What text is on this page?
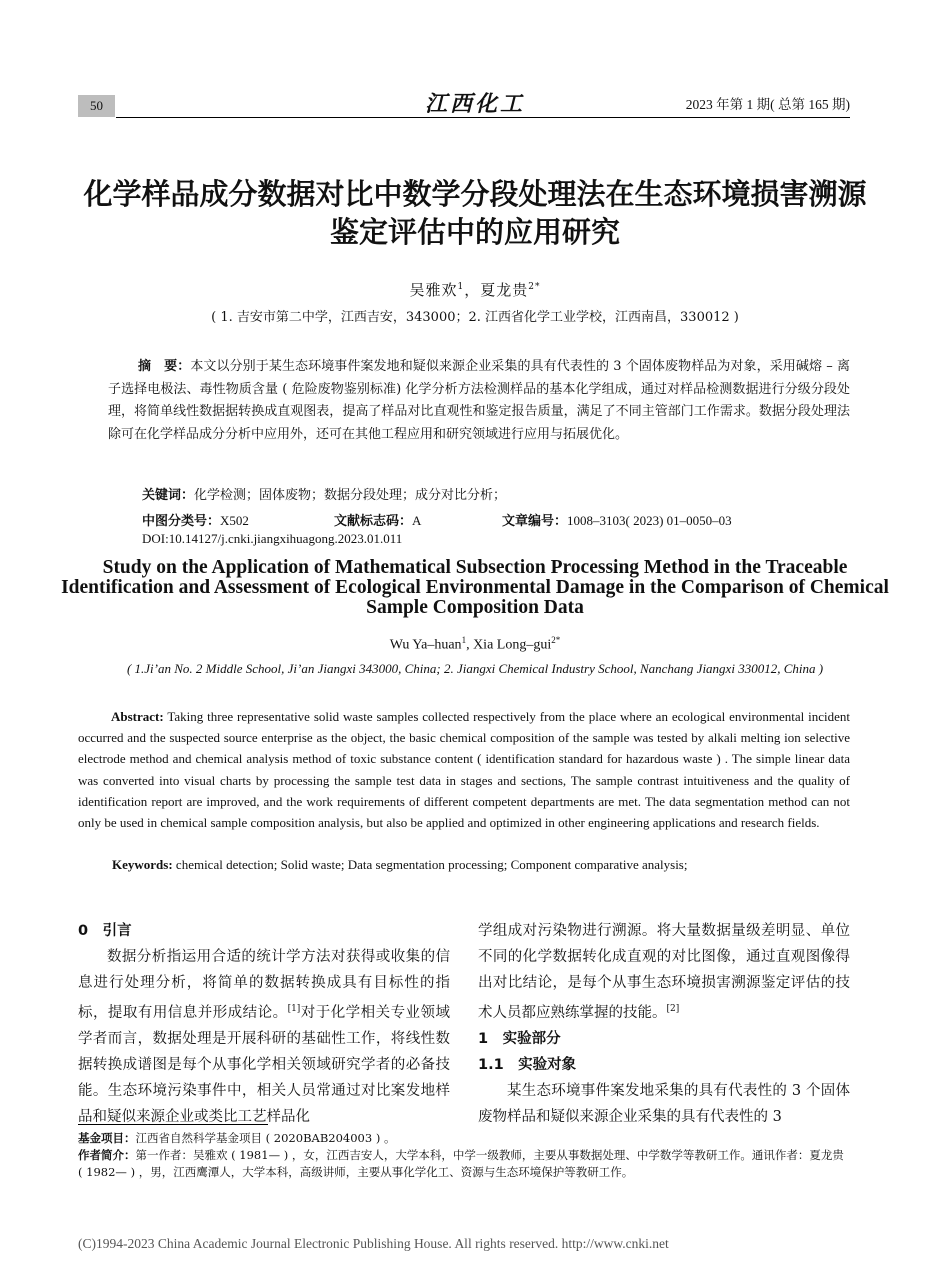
50	江西化工	2023 年第 1 期( 总第 165 期)
化学样品成分数据对比中数学分段处理法在生态环境损害溯源鉴定评估中的应用研究
吴雅欢$^1$，夏龙贵$^{2*}$
( 1. 吉安市第二中学，江西吉安，343000；2. 江西省化学工业学校，江西南昌，330012 )
摘　要：本文以分别于某生态环境事件案发地和疑似来源企业采集的具有代表性的 3 个固体废物样品为对象，采用碱熔 – 离子选择电极法、毒性物质含量 ( 危险废物鉴别标准) 化学分析方法检测样品的基本化学组成，通过对样品检测数据进行分级分段处理，将简单线性数据据转换成直观图表，提高了样品对比直观性和鉴定报告质量，满足了不同主管部门工作需求。数据分段处理法除可在化学样品成分分析中应用外，还可在其他工程应用和研究领域进行应用与拓展优化。
关键词：化学检测；固体废物；数据分段处理；成分对比分析；
中图分类号：X502	文献标志码：A	文章编号：1008–3103( 2023) 01–0050–03
DOI:10.14127/j.cnki.jiangxihuagong.2023.01.011
Study on the Application of Mathematical Subsection Processing Method in the Traceable Identification and Assessment of Ecological Environmental Damage in the Comparison of Chemical Sample Composition Data
Wu Ya–huan$^1$, Xia Long–gui$^{2*}$
( 1.Ji’an No. 2 Middle School, Ji’an Jiangxi 343000, China; 2. Jiangxi Chemical Industry School, Nanchang Jiangxi 330012, China )
Abstract: Taking three representative solid waste samples collected respectively from the place where an ecological environmental incident occurred and the suspected source enterprise as the object, the basic chemical composition of the sample was tested by alkali melting ion selective electrode method and chemical analysis method of toxic substance content ( identification standard for hazardous waste ) . The simple linear data was converted into visual charts by processing the sample test data in stages and sections, The sample contrast intuitiveness and the quality of identification report are improved, and the work requirements of different competent departments are met. The data segmentation method can not only be used in chemical sample composition analysis, but also be applied and optimized in other engineering applications and research fields.
Keywords: chemical detection; Solid waste; Data segmentation processing; Component comparative analysis;
0　引言
数据分析指运用合适的统计学方法对获得或收集的信息进行处理分析，将简单的数据转换成具有目标性的指标，提取有用信息并形成结论。[1]对于化学相关专业领域学者而言，数据处理是开展科研的基础性工作，将线性数据转换成谱图是每个从事化学相关领域研究学者的必备技能。生态环境污染事件中，相关人员常通过对比案发地样品和疑似来源企业或类比工艺样品化
学组成对污染物进行溯源。将大量数据量级差明显、单位不同的化学数据转化成直观的对比图像，通过直观图像得出对比结论，是每个从事生态环境损害溯源鉴定评估的技术人员都应熟练掌握的技能。[2]
1　实验部分
1.1　实验对象
某生态环境事件案发地采集的具有代表性的 3 个固体废物样品和疑似来源企业采集的具有代表性的 3
基金项目：江西省自然科学基金项目 ( 2020BAB204003 ) 。
作者简介：第一作者：吴雅欢 ( 1981— ) ，女，江西吉安人，大学本科，中学一级教师，主要从事数据处理、中学数学等教研工作。通讯作者：夏龙贵 ( 1982— ) ，男，江西鹰潭人，大学本科，高级讲师，主要从事化学化工、资源与生态环境保护等教研工作。
(C)1994-2023 China Academic Journal Electronic Publishing House. All rights reserved. http://www.cnki.net
